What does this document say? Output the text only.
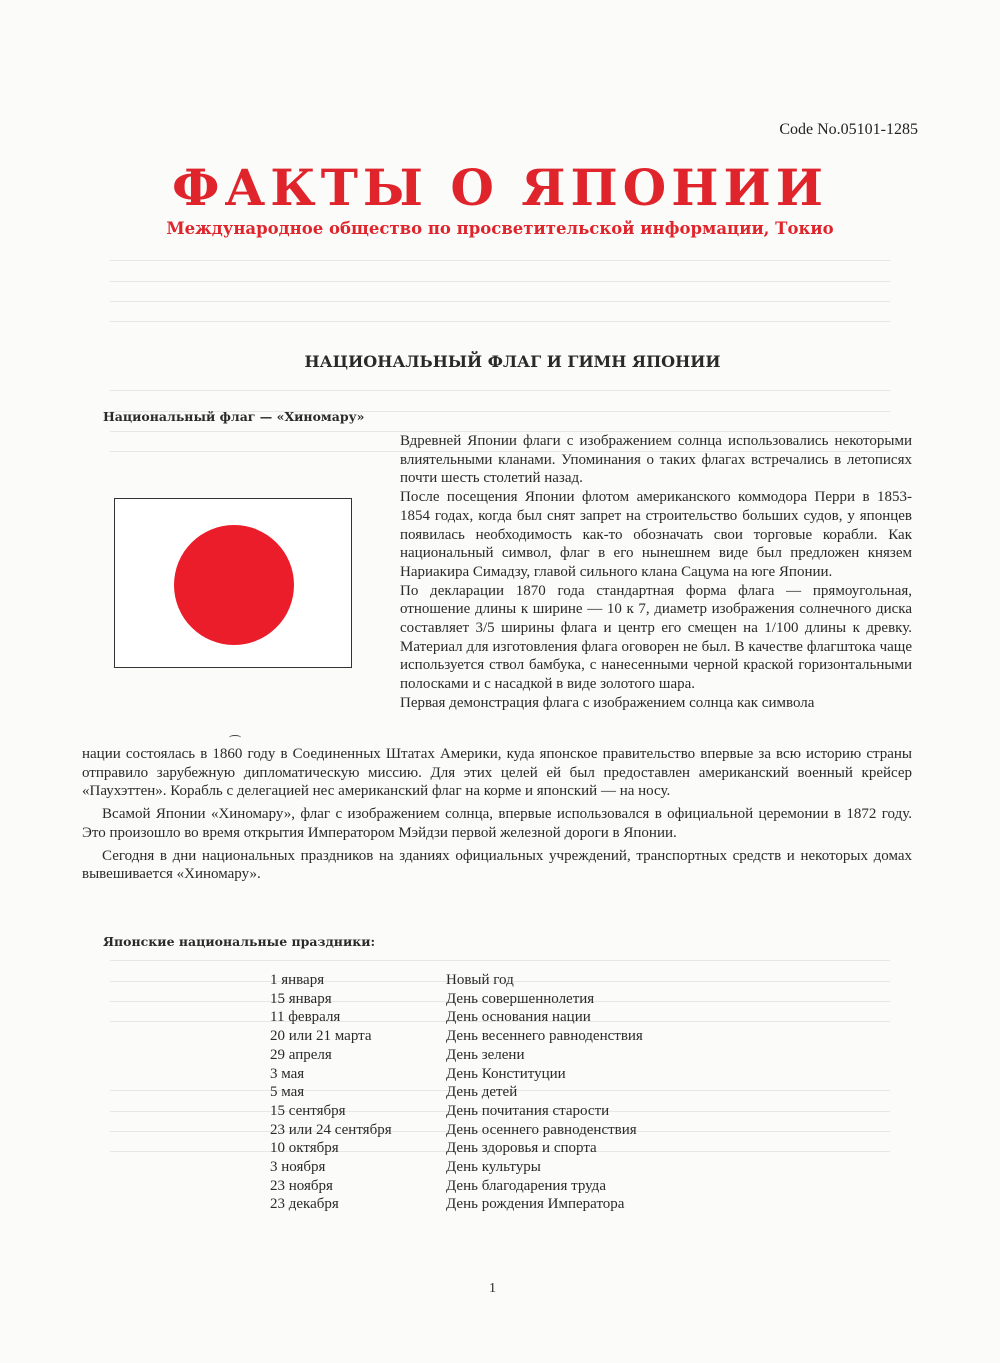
Code No.05101-1285
ФАКТЫ О ЯПОНИИ
Международное общество по просветительской информации, Токио
НАЦИОНАЛЬНЫЙ ФЛАГ И ГИМН ЯПОНИИ
Национальный флаг — «Хиномару»

Вдревней Японии флаги с изображением солнца использовались некоторыми влиятельными кланами. Упоминания о таких флагах встречались в летописях почти шесть столетий назад.

После посещения Японии флотом американского коммодора Перри в 1853-1854 годах, когда был снят запрет на строительство больших судов, у японцев появилась необходимость как-то обозначать свои торговые корабли. Как национальный символ, флаг в его нынешнем виде был предложен князем Нариакира Симадзу, главой сильного клана Сацума на юге Японии.

По декларации 1870 года стандартная форма флага — прямоугольная, отношение длины к ширине — 10 к 7, диаметр изображения солнечного диска составляет 3/5 ширины флага и центр его смещен на 1/100 длины к древку. Материал для изготовления флага оговорен не был. В качестве флагштока чаще используется ствол бамбука, с нанесенными черной краской горизонтальными полосками и с насадкой в виде золотого шара.

Первая демонстрация флага с изображением солнца как символа

нации состоялась в 1860 году в Соединенных Штатах Америки, куда японское правительство впервые за всю историю страны отправило зарубежную дипломатическую миссию. Для этих целей ей был предоставлен американский военный крейсер «Паухэттен». Корабль с делегацией нес американский флаг на корме и японский — на носу.

Всамой Японии «Хиномару», флаг с изображением солнца, впервые использовался в официальной церемонии в 1872 году. Это произошло во время открытия Императором Мэйдзи первой железной дороги в Японии.

Сегодня в дни национальных праздников на зданиях официальных учреждений, транспортных средств и некоторых домах вывешивается «Хиномару».

Японские национальные праздники:
1 января	Новый год
15 января	День совершеннолетия
11 февраля	День основания нации
20 или 21 марта	День весеннего равноденствия
29 апреля	День зелени
3 мая	День Конституции
5 мая	День детей
15 сентября	День почитания старости
23 или 24 сентября	День осеннего равноденствия
10 октября	День здоровья и спорта
3 ноября	День культуры
23 ноября	День благодарения труда
23 декабря	День рождения Императора
1
